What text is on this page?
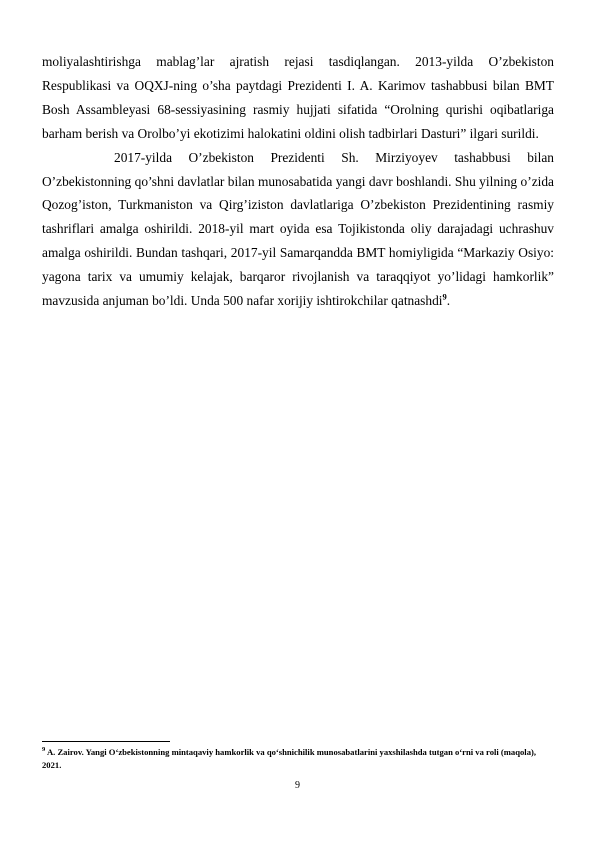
moliyalashtirishga mablag’lar ajratish rejasi tasdiqlangan. 2013-yilda O’zbekiston Respublikasi va OQXJ-ning o’sha paytdagi Prezidenti I. A. Karimov tashabbusi bilan BMT Bosh Assambleyasi 68-sessiyasining rasmiy hujjati sifatida “Orolning qurishi oqibatlariga barham berish va Orolbo’yi ekotizimi halokatini oldini olish tadbirlari Dasturi” ilgari surildi.

2017-yilda O’zbekiston Prezidenti Sh. Mirziyoyev tashabbusi bilan O’zbekistonning qo’shni davlatlar bilan munosabatida yangi davr boshlandi. Shu yilning o’zida Qozog’iston, Turkmaniston va Qirg’iziston davlatlariga O’zbekiston Prezidentining rasmiy tashriflari amalga oshirildi. 2018-yil mart oyida esa Tojikistonda oliy darajadagi uchrashuv amalga oshirildi. Bundan tashqari, 2017-yil Samarqandda BMT homiyligida “Markaziy Osiyo: yagona tarix va umumiy kelajak, barqaror rivojlanish va taraqqiyot yo’lidagi hamkorlik” mavzusida anjuman bo’ldi. Unda 500 nafar xorijiy ishtirokchilar qatnashdi$^9$.

$^9$ A. Zairov. Yangi O‘zbekistonning mintaqaviy hamkorlik va qo‘shnichilik munosabatlarini yaxshilashda tutgan o‘rni va roli (maqola), 2021.
9
